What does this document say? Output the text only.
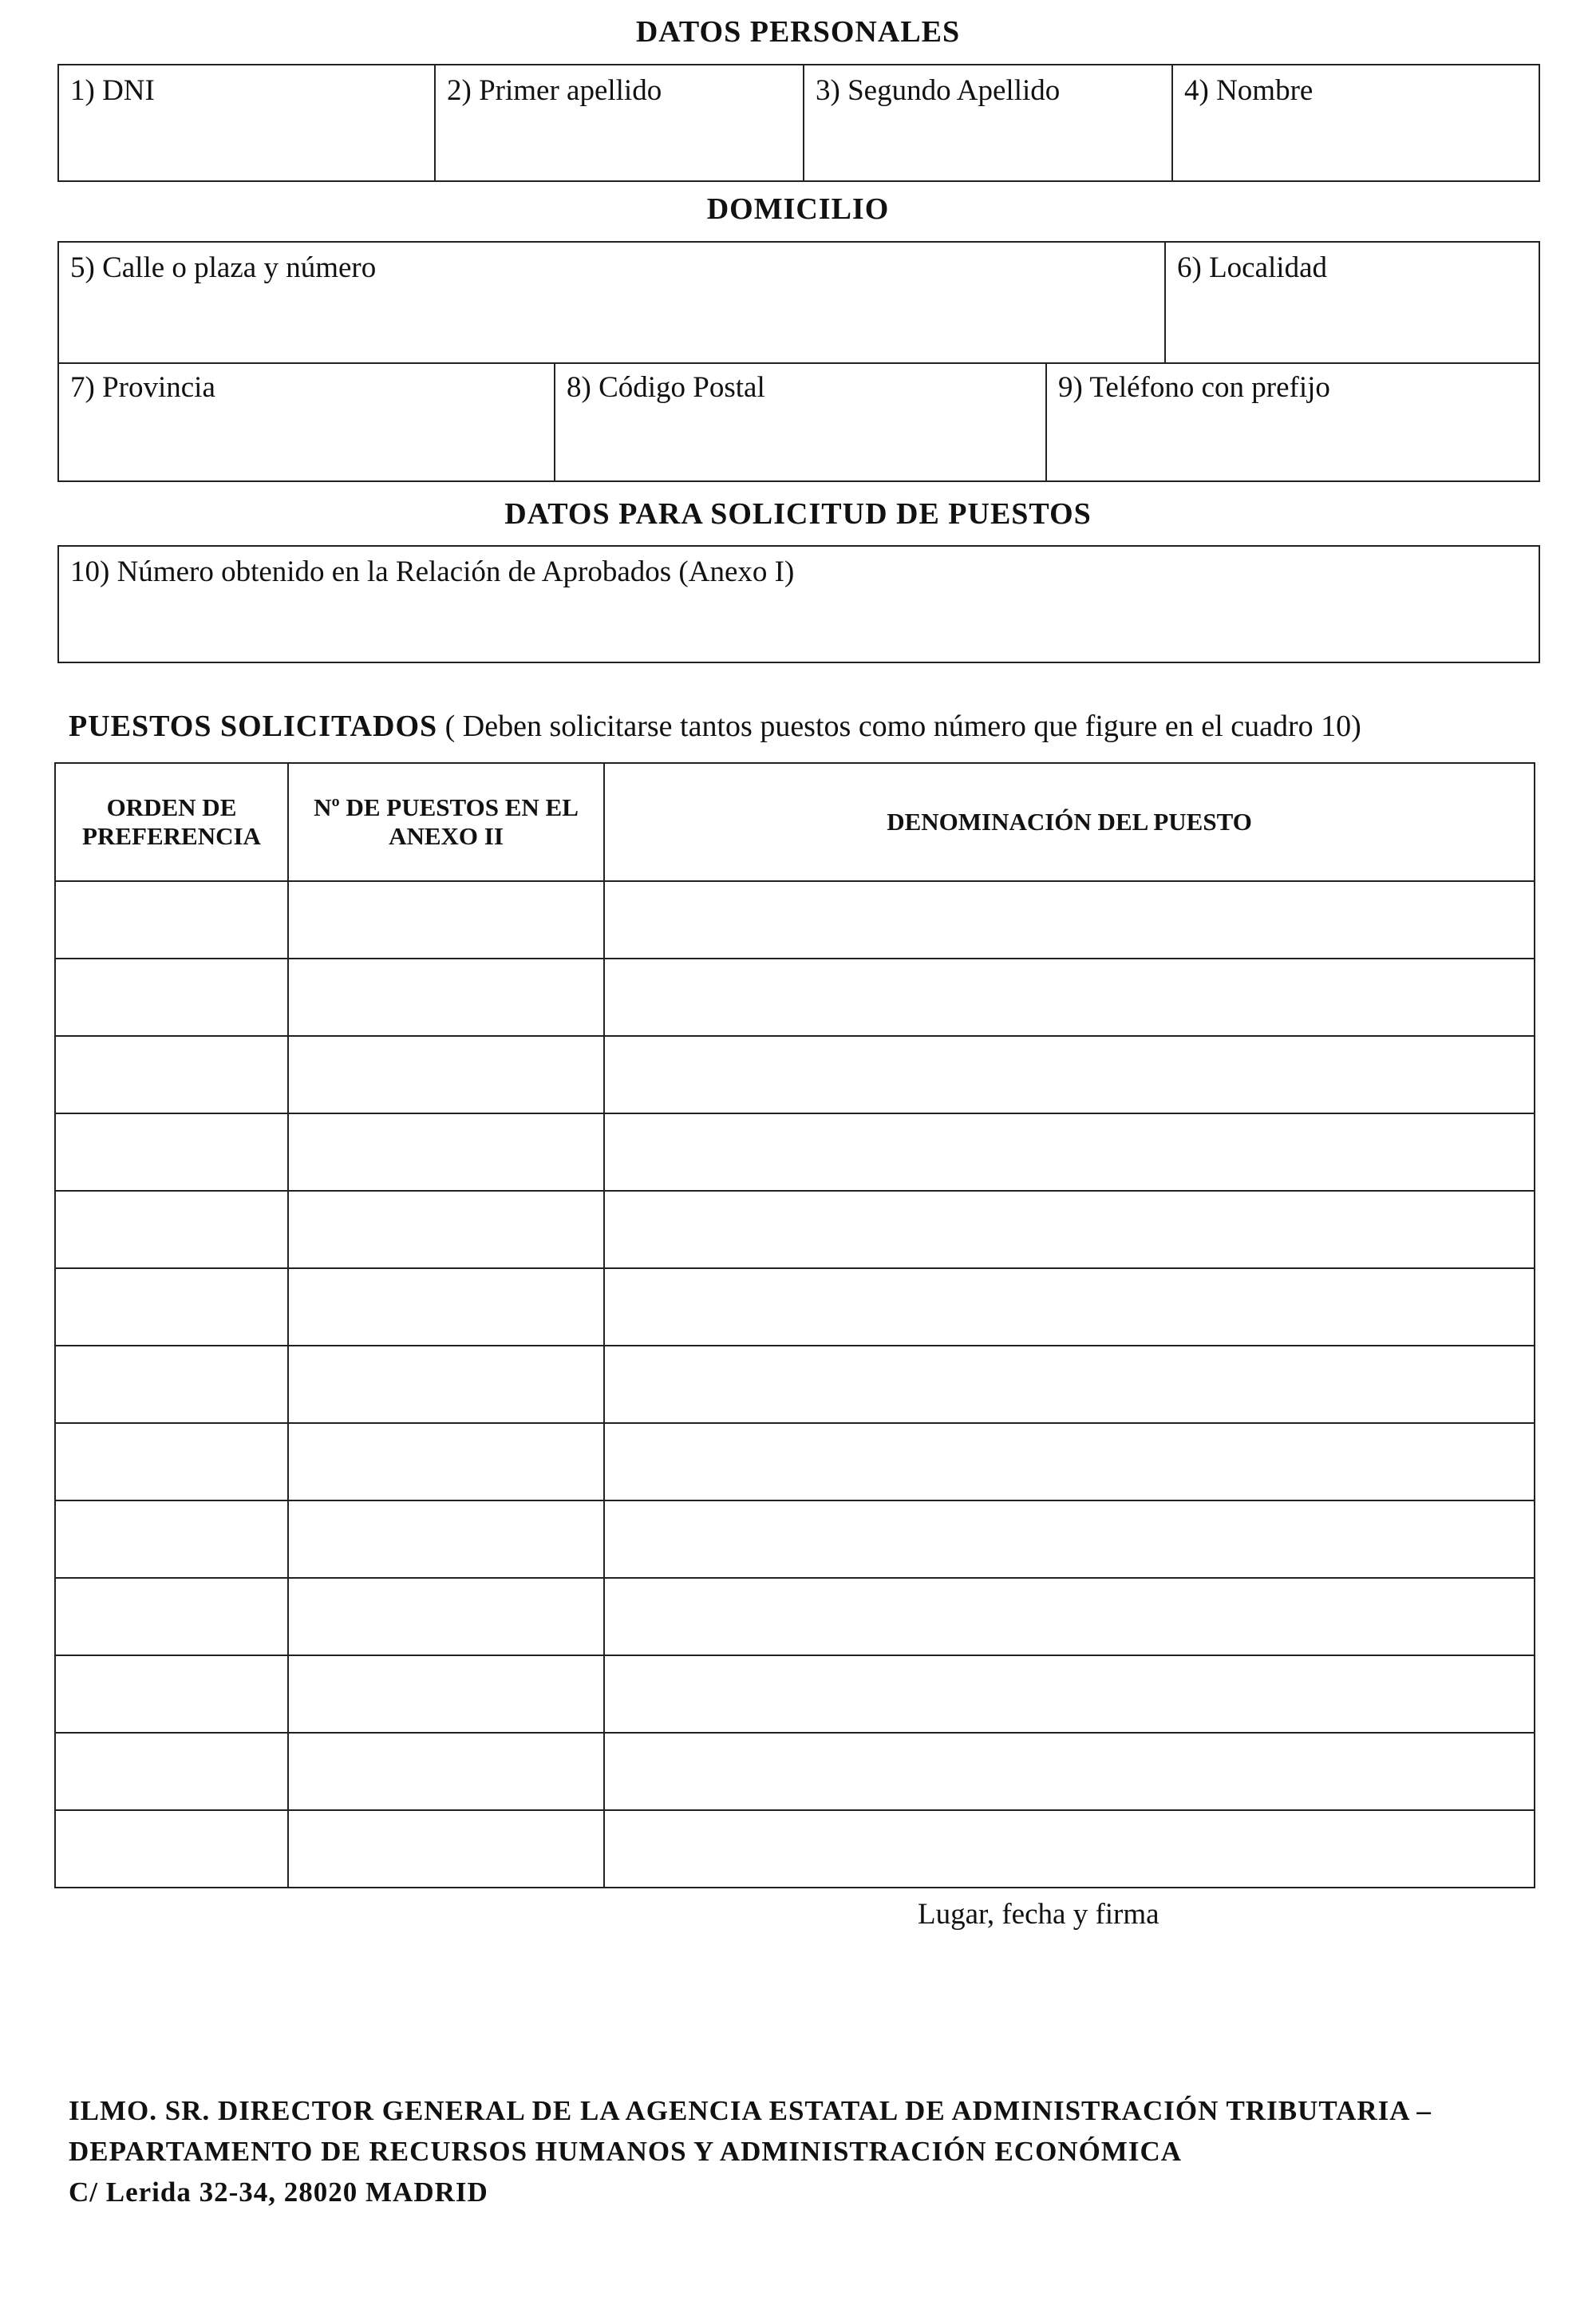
DATOS PERSONALES
1) DNI	2) Primer apellido	3) Segundo Apellido	4) Nombre
DOMICILIO
5) Calle o plaza y número	6) Localidad
7) Provincia	8) Código Postal	9) Teléfono con prefijo
DATOS PARA SOLICITUD DE PUESTOS
10) Número obtenido en la Relación de Aprobados (Anexo I)
PUESTOS SOLICITADOS ( Deben solicitarse tantos puestos como número que figure en el cuadro 10)
ORDEN DE PREFERENCIA	Nº DE PUESTOS EN EL ANEXO II	DENOMINACIÓN DEL PUESTO

Lugar, fecha y firma
ILMO. SR. DIRECTOR GENERAL DE LA AGENCIA ESTATAL DE ADMINISTRACIÓN TRIBUTARIA –
DEPARTAMENTO DE RECURSOS HUMANOS Y ADMINISTRACIÓN ECONÓMICA
C/ Lerida 32-34, 28020 MADRID
